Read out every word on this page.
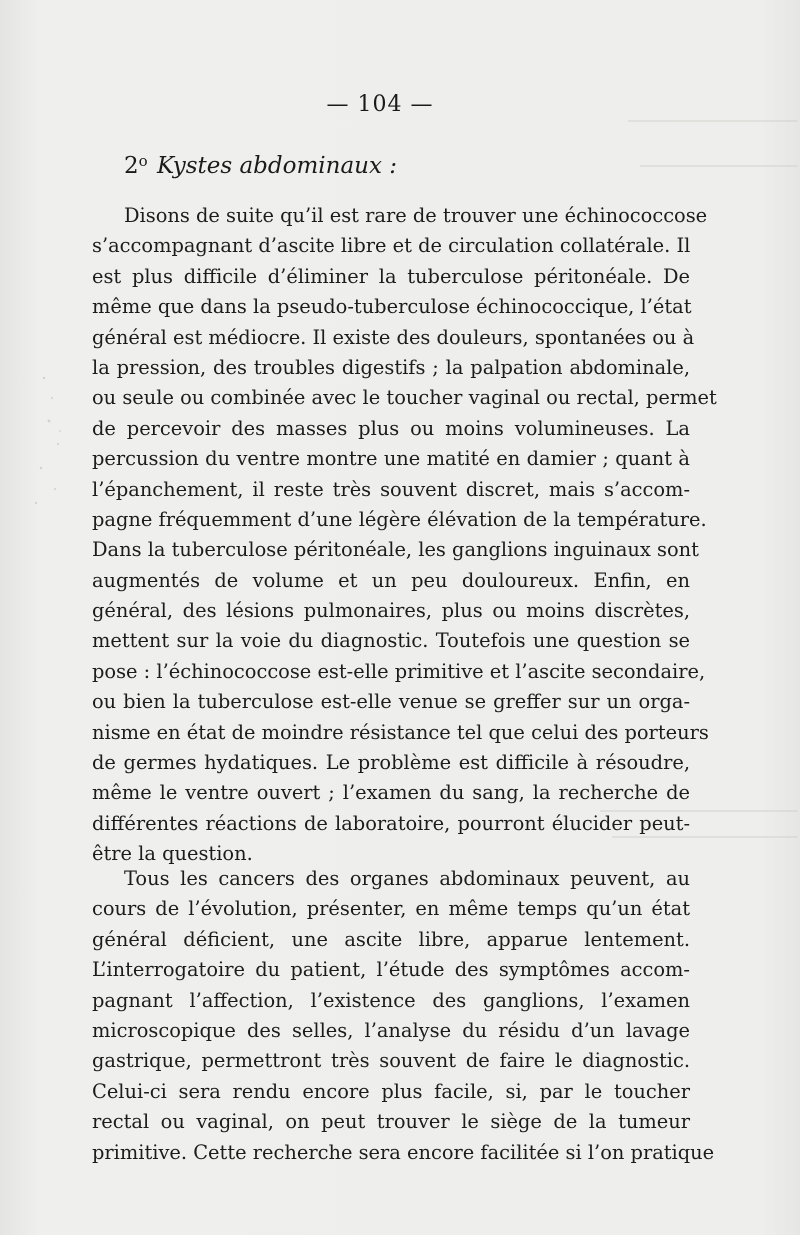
— 104 —
2$^o$ Kystes abdominaux :
Disons de suite qu’il est rare de trouver une échinococcose
s’accompagnant d’ascite libre et de circulation collatérale. Il
est plus difficile d’éliminer la tuberculose péritonéale. De
même que dans la pseudo-tuberculose échinococcique, l’état
général est médiocre. Il existe des douleurs, spontanées ou à
la pression, des troubles digestifs ; la palpation abdominale,
ou seule ou combinée avec le toucher vaginal ou rectal, permet
de percevoir des masses plus ou moins volumineuses. La
percussion du ventre montre une matité en damier ; quant à
l’épanchement, il reste très souvent discret, mais s’accom-
pagne fréquemment d’une légère élévation de la température.
Dans la tuberculose péritonéale, les ganglions inguinaux sont
augmentés de volume et un peu douloureux. Enfin, en
général, des lésions pulmonaires, plus ou moins discrètes,
mettent sur la voie du diagnostic. Toutefois une question se
pose : l’échinococcose est-elle primitive et l’ascite secondaire,
ou bien la tuberculose est-elle venue se greffer sur un orga-
nisme en état de moindre résistance tel que celui des porteurs
de germes hydatiques. Le problème est difficile à résoudre,
même le ventre ouvert ; l’examen du sang, la recherche de
différentes réactions de laboratoire, pourront élucider peut-
être la question.
Tous les cancers des organes abdominaux peuvent, au
cours de l’évolution, présenter, en même temps qu’un état
général déficient, une ascite libre, apparue lentement.
L’interrogatoire du patient, l’étude des symptômes accom-
pagnant l’affection, l’existence des ganglions, l’examen
microscopique des selles, l’analyse du résidu d’un lavage
gastrique, permettront très souvent de faire le diagnostic.
Celui-ci sera rendu encore plus facile, si, par le toucher
rectal ou vaginal, on peut trouver le siège de la tumeur
primitive. Cette recherche sera encore facilitée si l’on pratique
